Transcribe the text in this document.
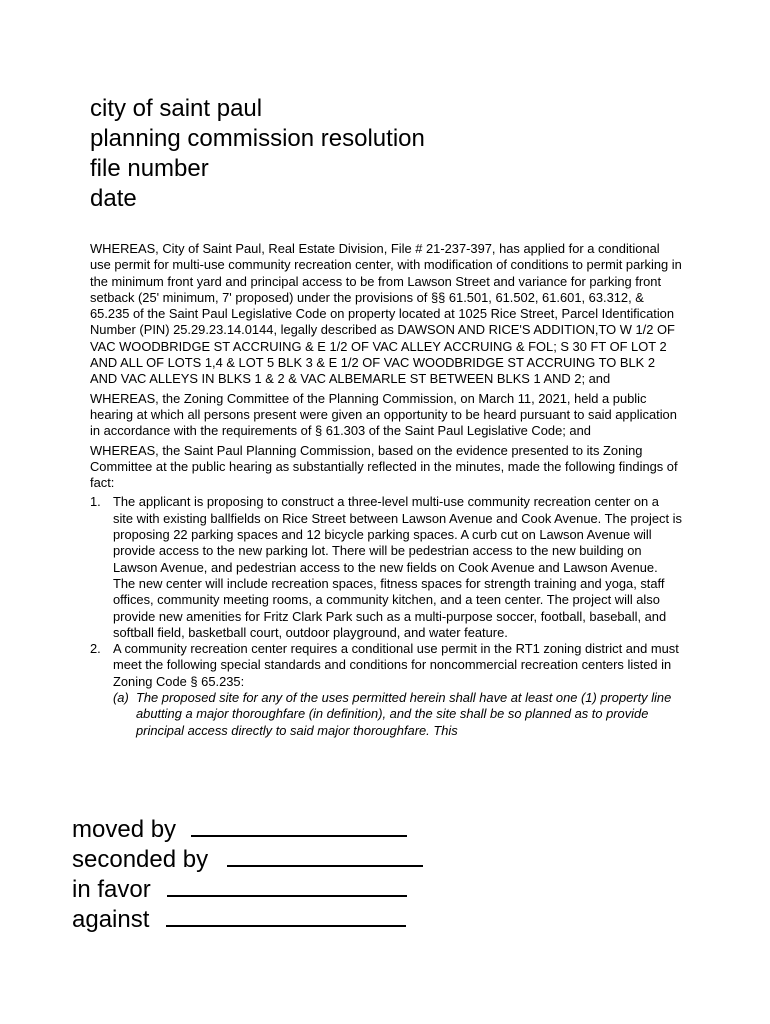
city of saint paul
planning commission resolution
file number
date

WHEREAS, City of Saint Paul, Real Estate Division, File # 21-237-397, has applied for a conditional use permit for multi-use community recreation center, with modification of conditions to permit parking in the minimum front yard and principal access to be from Lawson Street and variance for parking front setback (25' minimum, 7' proposed) under the provisions of §§ 61.501, 61.502, 61.601, 63.312, & 65.235 of the Saint Paul Legislative Code on property located at 1025 Rice Street, Parcel Identification Number (PIN) 25.29.23.14.0144, legally described as DAWSON AND RICE'S ADDITION,TO W 1/2 OF VAC WOODBRIDGE ST ACCRUING & E 1/2 OF VAC ALLEY ACCRUING & FOL; S 30 FT OF LOT 2 AND ALL OF LOTS 1,4 & LOT 5 BLK 3 & E 1/2 OF VAC WOODBRIDGE ST ACCRUING TO BLK 2 AND VAC ALLEYS IN BLKS 1 & 2 & VAC ALBEMARLE ST BETWEEN BLKS 1 AND 2; and

WHEREAS, the Zoning Committee of the Planning Commission, on March 11, 2021, held a public hearing at which all persons present were given an opportunity to be heard pursuant to said application in accordance with the requirements of § 61.303 of the Saint Paul Legislative Code; and

WHEREAS, the Saint Paul Planning Commission, based on the evidence presented to its Zoning Committee at the public hearing as substantially reflected in the minutes, made the following findings of fact:

1. The applicant is proposing to construct a three-level multi-use community recreation center on a site with existing ballfields on Rice Street between Lawson Avenue and Cook Avenue. The project is proposing 22 parking spaces and 12 bicycle parking spaces. A curb cut on Lawson Avenue will provide access to the new parking lot. There will be pedestrian access to the new building on Lawson Avenue, and pedestrian access to the new fields on Cook Avenue and Lawson Avenue. The new center will include recreation spaces, fitness spaces for strength training and yoga, staff offices, community meeting rooms, a community kitchen, and a teen center. The project will also provide new amenities for Fritz Clark Park such as a multi-purpose soccer, football, baseball, and softball field, basketball court, outdoor playground, and water feature.
2. A community recreation center requires a conditional use permit in the RT1 zoning district and must meet the following special standards and conditions for noncommercial recreation centers listed in Zoning Code § 65.235:
(a) The proposed site for any of the uses permitted herein shall have at least one (1) property line abutting a major thoroughfare (in definition), and the site shall be so planned as to provide principal access directly to said major thoroughfare. This
moved by
seconded by
in favor
against
